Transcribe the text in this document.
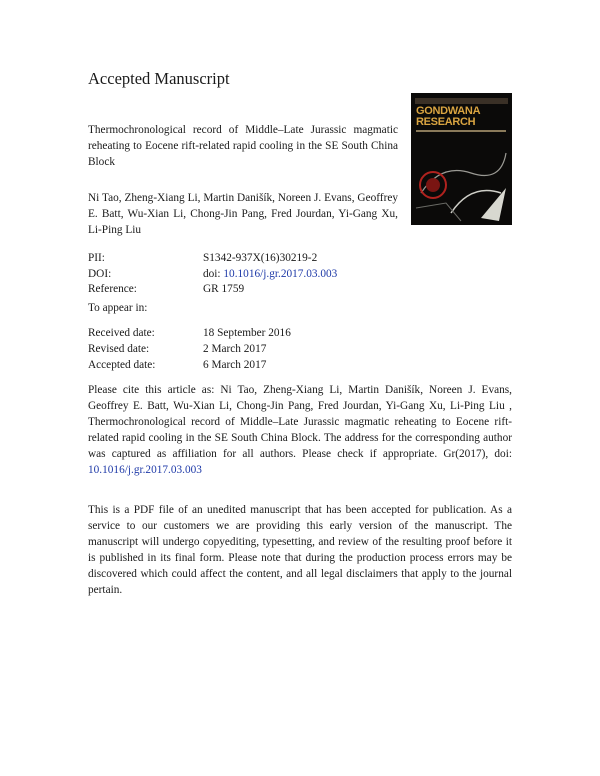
Accepted Manuscript
GONDWANA
RESEARCH
Thermochronological record of Middle–Late Jurassic magmatic reheating to Eocene rift-related rapid cooling in the SE South China Block
Ni Tao, Zheng-Xiang Li, Martin Danišík, Noreen J. Evans, Geoffrey E. Batt, Wu-Xian Li, Chong-Jin Pang, Fred Jourdan, Yi-Gang Xu, Li-Ping Liu
PII:	S1342-937X(16)30219-2
DOI:	doi: 10.1016/j.gr.2017.03.003
Reference:	GR 1759
To appear in:
Received date:	18 September 2016
Revised date:	2 March 2017
Accepted date:	6 March 2017
Please cite this article as: Ni Tao, Zheng-Xiang Li, Martin Danišík, Noreen J. Evans, Geoffrey E. Batt, Wu-Xian Li, Chong-Jin Pang, Fred Jourdan, Yi-Gang Xu, Li-Ping Liu , Thermochronological record of Middle–Late Jurassic magmatic reheating to Eocene rift-related rapid cooling in the SE South China Block. The address for the corresponding author was captured as affiliation for all authors. Please check if appropriate. Gr(2017), doi: 10.1016/j.gr.2017.03.003
This is a PDF file of an unedited manuscript that has been accepted for publication. As a service to our customers we are providing this early version of the manuscript. The manuscript will undergo copyediting, typesetting, and review of the resulting proof before it is published in its final form. Please note that during the production process errors may be discovered which could affect the content, and all legal disclaimers that apply to the journal pertain.
